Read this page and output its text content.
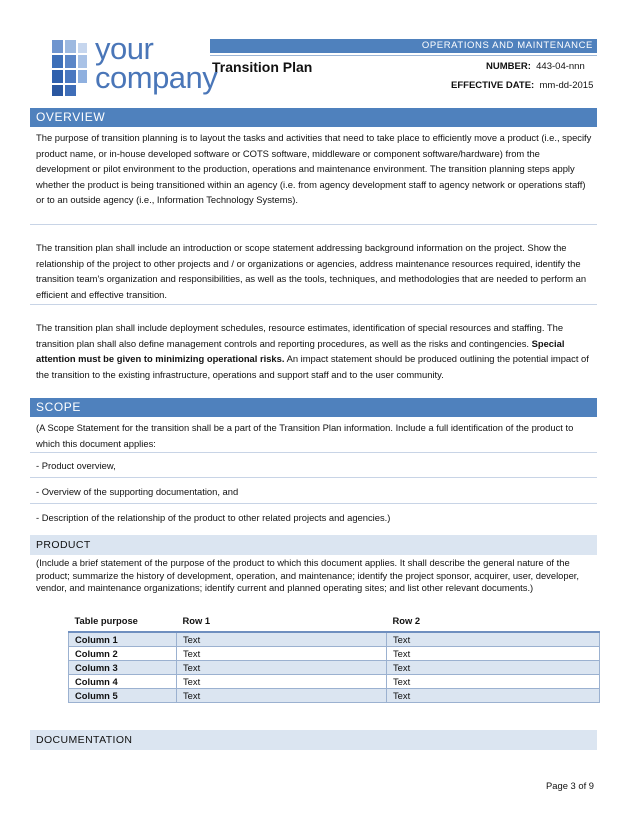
your
company
OPERATIONS AND MAINTENANCE
Transition Plan	NUMBER: 443-04-nnn
EFFECTIVE DATE: mm-dd-2015
OVERVIEW
The purpose of transition planning is to layout the tasks and activities that need to take place to efficiently move a product (i.e., specify product name, or in-house developed software or COTS software, middleware or component software/hardware) from the development or pilot environment to the production, operations and maintenance environment. The transition planning steps apply whether the product is being transitioned within an agency (i.e. from agency development staff to agency network or operations staff) or to an outside agency (i.e., Information Technology Systems).
The transition plan shall include an introduction or scope statement addressing background information on the project. Show the relationship of the project to other projects and / or organizations or agencies, address maintenance resources required, identify the transition team's organization and responsibilities, as well as the tools, techniques, and methodologies that are needed to perform an efficient and effective transition.
The transition plan shall include deployment schedules, resource estimates, identification of special resources and staffing. The transition plan shall also define management controls and reporting procedures, as well as the risks and contingencies. Special attention must be given to minimizing operational risks. An impact statement should be produced outlining the potential impact of the transition to the existing infrastructure, operations and support staff and to the user community.
SCOPE
(A Scope Statement for the transition shall be a part of the Transition Plan information. Include a full identification of the product to which this document applies:
- Product overview,
- Overview of the supporting documentation, and
- Description of the relationship of the product to other related projects and agencies.)
PRODUCT
(Include a brief statement of the purpose of the product to which this document applies. It shall describe the general nature of the product; summarize the history of development, operation, and maintenance; identify the project sponsor, acquirer, user, developer, vendor, and maintenance organizations; identify current and planned operating sites; and list other relevant documents.)
Table purpose	Row 1	Row 2
Column 1	Text	Text
Column 2	Text	Text
Column 3	Text	Text
Column 4	Text	Text
Column 5	Text	Text
DOCUMENTATION
Page 3 of 9
